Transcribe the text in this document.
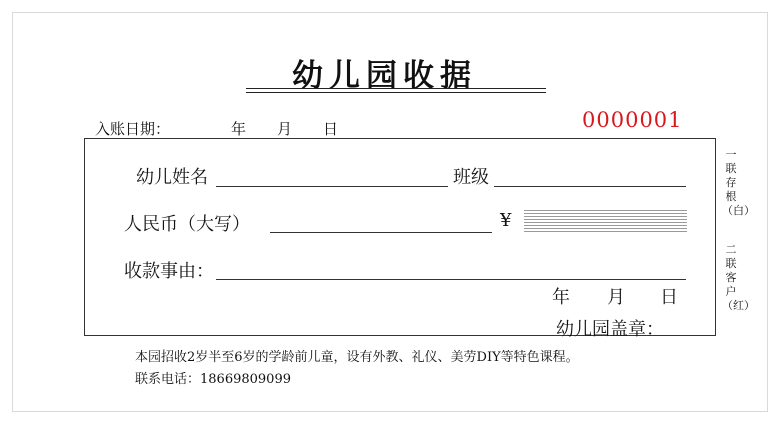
幼儿园收据
入账日期：	年 月 日	0000001
幼儿姓名	班级
人民币（大写）	¥
收款事由：
年 月 日
幼儿园盖章：
一联存根（白）
二联客户（红）
本园招收2岁半至6岁的学龄前儿童，设有外教、礼仪、美劳DIY等特色课程。
联系电话：18669809099
